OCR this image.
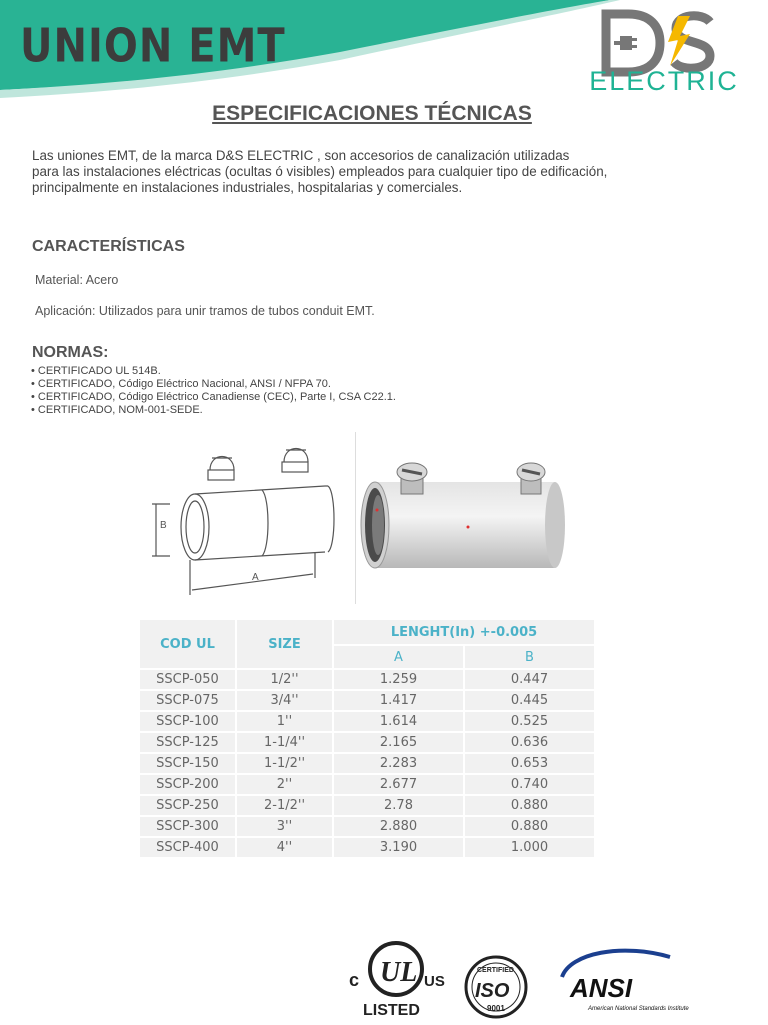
UNION EMT
ELECTRIC
ESPECIFICACIONES TÉCNICAS
Las uniones EMT, de la marca D&S ELECTRIC , son accesorios de canalización utilizadas
para las instalaciones eléctricas (ocultas ó visibles) empleados para cualquier tipo de edificación,
principalmente en instalaciones industriales, hospitalarias y comerciales.
CARACTERÍSTICAS
Material: Acero
Aplicación: Utilizados para unir tramos de tubos conduit EMT.
NORMAS:
• CERTIFICADO UL 514B.
• CERTIFICADO, Código Eléctrico Nacional, ANSI / NFPA 70.
• CERTIFICADO, Código Eléctrico Canadiense (CEC), Parte I, CSA C22.1.
• CERTIFICADO, NOM-001-SEDE.
A
B
COD UL	SIZE	LENGHT(In) +-0.005	
		A	B
SSCP-050	1/2''	1.259	0.447
SSCP-075	3/4''	1.417	0.445
SSCP-100	1''	1.614	0.525
SSCP-125	1-1/4''	2.165	0.636
SSCP-150	1-1/2''	2.283	0.653
SSCP-200	2''	2.677	0.740
SSCP-250	2-1/2''	2.78	0.880
SSCP-300	3''	2.880	0.880
SSCP-400	4''	3.190	1.000
c UL US
LISTED
CERTIFIED
ISO
9001
ANSI
American National Standards Institute
